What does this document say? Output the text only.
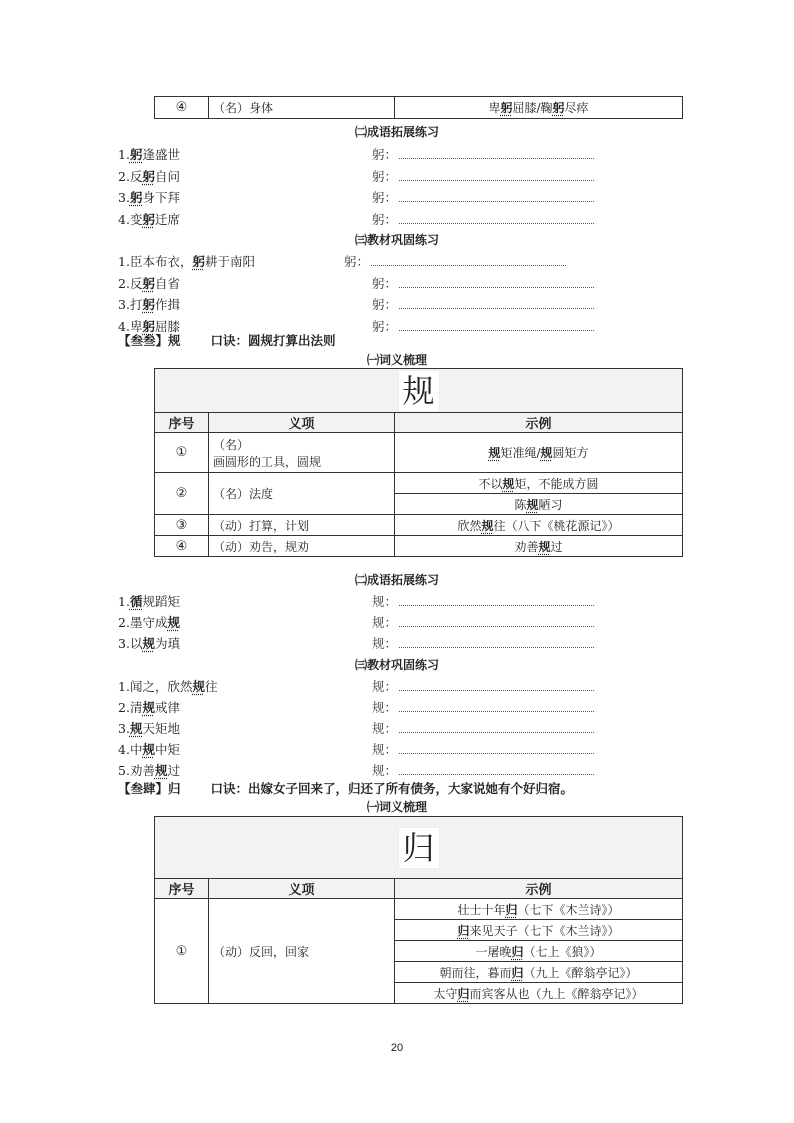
④	（名）身体	卑躬屈膝/鞠躬尽瘁
㈡成语拓展练习
1.躬逢盛世	躬：
2.反躬自问	躬：
3.躬身下拜	躬：
4.变躬迁席	躬：
㈢教材巩固练习
1.臣本布衣，躬耕于南阳	躬：
2.反躬自省	躬：
3.打躬作揖	躬：
4.卑躬屈膝	躬：
【叁叁】规 口诀：圆规打算出法则
㈠词义梳理
规		
序号	义项	示例
①	（名）
画圆形的工具，圆规	规矩准绳/规圆矩方
②	（名）法度	不以规矩，不能成方圆
		陈规陋习
③	（动）打算，计划	欣然规往（八下《桃花源记》）
④	（动）劝告，规劝	劝善规过
㈡成语拓展练习
1.循规蹈矩	规：
2.墨守成规	规：
3.以规为瑱	规：
㈢教材巩固练习
1.闻之，欣然规往	规：
2.清规戒律	规：
3.规天矩地	规：
4.中规中矩	规：
5.劝善规过	规：
【叁肆】归 口诀：出嫁女子回来了，归还了所有债务，大家说她有个好归宿。
㈠词义梳理
归		
序号	义项	示例
①	（动）反回，回家	壮士十年归（七下《木兰诗》）
		归来见天子（七下《木兰诗》）
		一屠晚归（七上《狼》）
		朝而往，暮而归（九上《醉翁亭记》）
		太守归而宾客从也（九上《醉翁亭记》）
20
